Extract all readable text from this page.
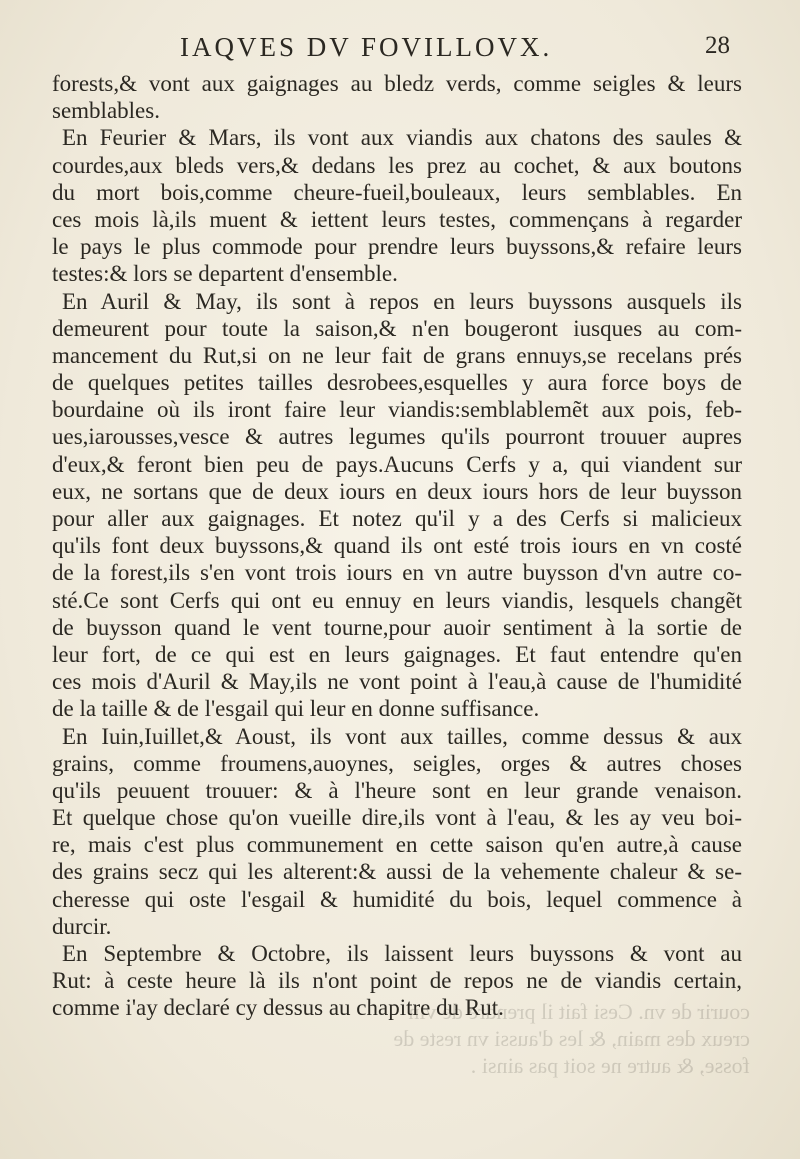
IAQVES DV FOVILLOVX.	28
forests,& vont aux gaignages au bledz verds, comme seigles & leurs
semblables.
En Feurier & Mars, ils vont aux viandis aux chatons des saules &
courdes,aux bleds vers,& dedans les prez au cochet, & aux boutons
du mort bois,comme cheure-fueil,bouleaux, leurs semblables. En
ces mois là,ils muent & iettent leurs testes, commençans à regarder
le pays le plus commode pour prendre leurs buyssons,& refaire leurs
testes:& lors se departent d'ensemble.
En Auril & May, ils sont à repos en leurs buyssons ausquels ils
demeurent pour toute la saison,& n'en bougeront iusques au com-
mancement du Rut,si on ne leur fait de grans ennuys,se recelans prés
de quelques petites tailles desrobees,esquelles y aura force boys de
bourdaine où ils iront faire leur viandis:semblablemẽt aux pois, feb-
ues,iarousses,vesce & autres legumes qu'ils pourront trouuer aupres
d'eux,& feront bien peu de pays.Aucuns Cerfs y a, qui viandent sur
eux, ne sortans que de deux iours en deux iours hors de leur buysson
pour aller aux gaignages. Et notez qu'il y a des Cerfs si malicieux
qu'ils font deux buyssons,& quand ils ont esté trois iours en vn costé
de la forest,ils s'en vont trois iours en vn autre buysson d'vn autre co-
sté.Ce sont Cerfs qui ont eu ennuy en leurs viandis, lesquels changẽt
de buysson quand le vent tourne,pour auoir sentiment à la sortie de
leur fort, de ce qui est en leurs gaignages. Et faut entendre qu'en
ces mois d'Auril & May,ils ne vont point à l'eau,à cause de l'humidité
de la taille & de l'esgail qui leur en donne suffisance.
En Iuin,Iuillet,& Aoust, ils vont aux tailles, comme dessus & aux
grains, comme froumens,auoynes, seigles, orges & autres choses
qu'ils peuuent trouuer: & à l'heure sont en leur grande venaison.
Et quelque chose qu'on vueille dire,ils vont à l'eau, & les ay veu boi-
re, mais c'est plus communement en cette saison qu'en autre,à cause
des grains secz qui les alterent:& aussi de la vehemente chaleur & se-
cheresse qui oste l'esgail & humidité du bois, lequel commence à
durcir.
En Septembre & Octobre, ils laissent leurs buyssons & vont au
Rut: à ceste heure là ils n'ont point de repos ne de viandis certain,
comme i'ay declaré cy dessus au chapitre du Rut.
courir de vn. Cesi fait il prendre de vin
creux des main, & les d'aussi vn reste de
fosse, & autre ne soit pas ainsi .
